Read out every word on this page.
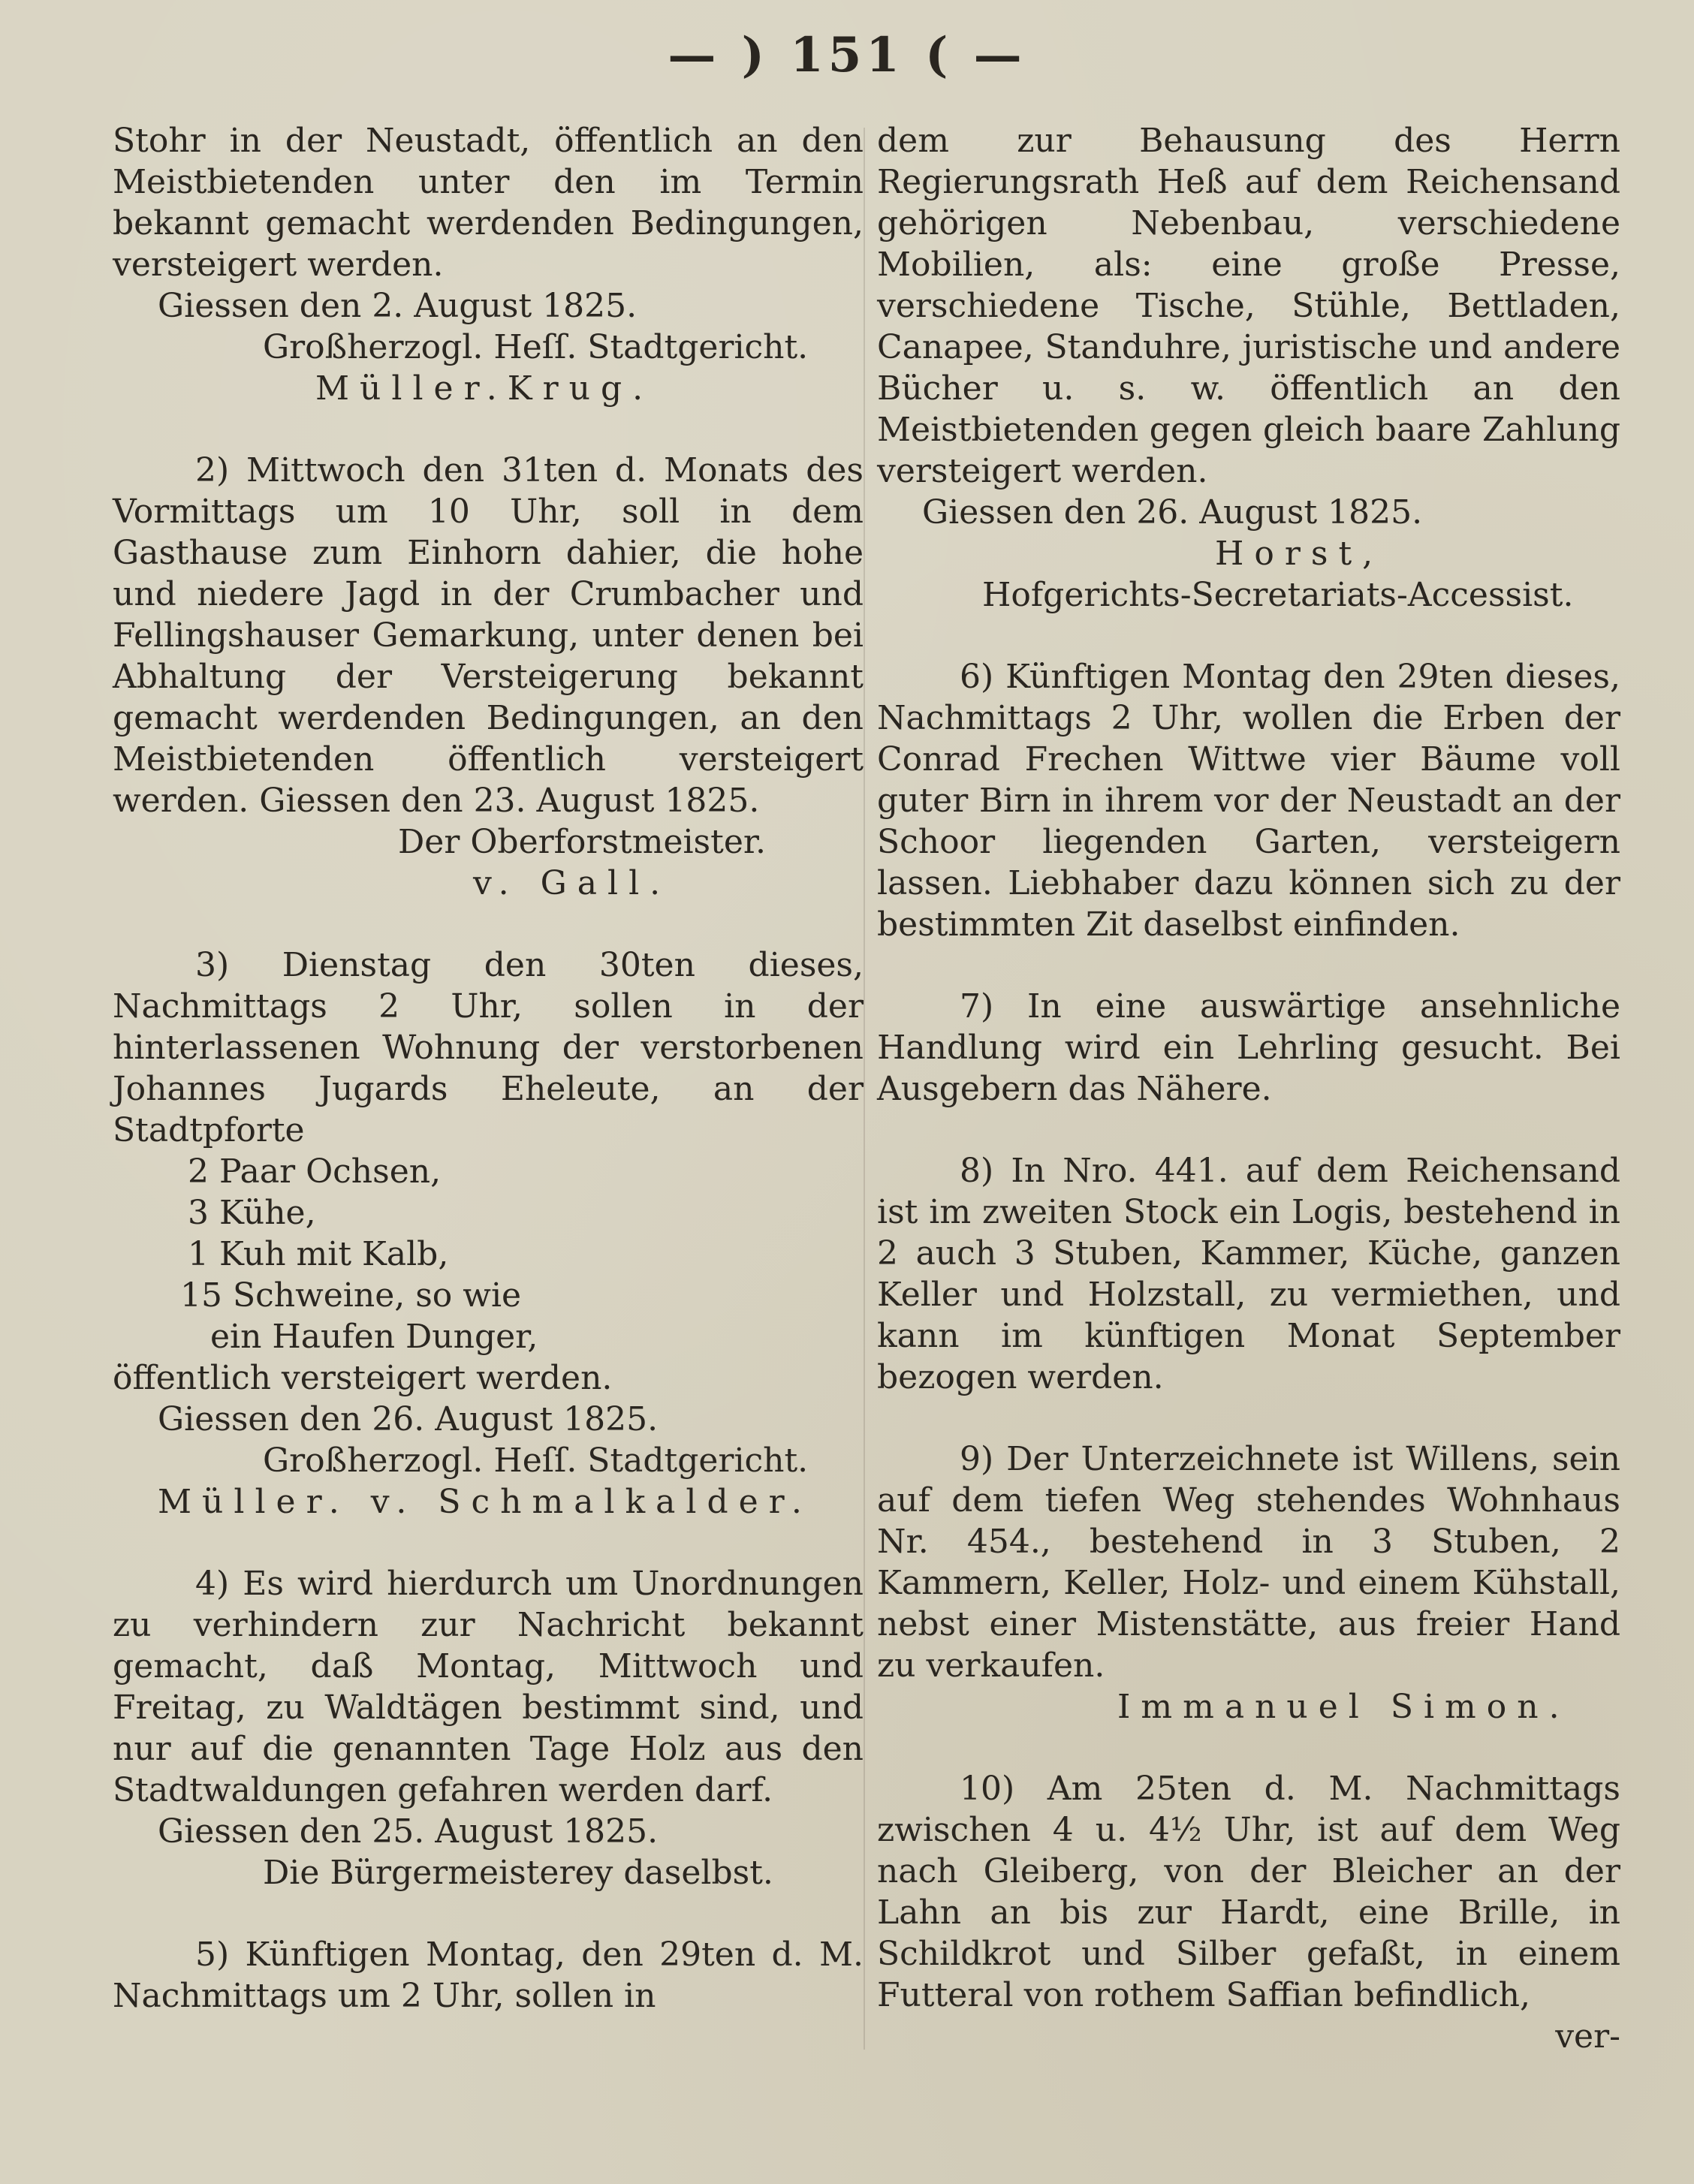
— ) 151 ( —

Stohr in der Neustadt, öffentlich an den Meistbietenden unter den im Termin bekannt gemacht werdenden Bedingungen, versteigert werden.

Giessen den 2. August 1825.
Großherzogl. Heſſ. Stadtgericht.
Müller. Krug.

2) Mittwoch den 31ten d. Monats des Vormittags um 10 Uhr, soll in dem Gasthause zum Einhorn dahier, die hohe und niedere Jagd in der Crumbacher und Fellingshauser Gemarkung, unter denen bei Abhaltung der Versteigerung bekannt gemacht werdenden Bedingungen, an den Meistbietenden öffentlich versteigert werden. Giessen den 23. August 1825.

Der Oberforstmeister.
v. Gall.

3) Dienstag den 30ten dieses, Nachmittags 2 Uhr, sollen in der hinterlassenen Wohnung der verstorbenen Johannes Jugards Eheleute, an der Stadtpforte

2 Paar Ochsen,
3 Kühe,
1 Kuh mit Kalb,
15 Schweine, so wie
ein Haufen Dunger,
öffentlich versteigert werden.
Giessen den 26. August 1825.
Großherzogl. Heſſ. Stadtgericht.
Müller. v. Schmalkalder.

4) Es wird hierdurch um Unordnungen zu verhindern zur Nachricht bekannt gemacht, daß Montag, Mittwoch und Freitag, zu Waldtägen bestimmt sind, und nur auf die genannten Tage Holz aus den Stadtwaldungen gefahren werden darf.

Giessen den 25. August 1825.
Die Bürgermeisterey daselbst.

5) Künftigen Montag, den 29ten d. M. Nachmittags um 2 Uhr, sollen in

dem zur Behausung des Herrn Regierungsrath Heß auf dem Reichensand gehörigen Nebenbau, verschiedene Mobilien, als: eine große Presse, verschiedene Tische, Stühle, Bettladen, Canapee, Standuhre, juristische und andere Bücher u. s. w. öffentlich an den Meistbietenden gegen gleich baare Zahlung versteigert werden.

Giessen den 26. August 1825.
Horst,
Hofgerichts-Secretariats-Accessist.

6) Künftigen Montag den 29ten dieses, Nachmittags 2 Uhr, wollen die Erben der Conrad Frechen Wittwe vier Bäume voll guter Birn in ihrem vor der Neustadt an der Schoor liegenden Garten, versteigern lassen. Liebhaber dazu können sich zu der bestimmten Zit daselbst einfinden.

7) In eine auswärtige ansehnliche Handlung wird ein Lehrling gesucht. Bei Ausgebern das Nähere.

8) In Nro. 441. auf dem Reichensand ist im zweiten Stock ein Logis, bestehend in 2 auch 3 Stuben, Kammer, Küche, ganzen Keller und Holzstall, zu vermiethen, und kann im künftigen Monat September bezogen werden.

9) Der Unterzeichnete ist Willens, sein auf dem tiefen Weg stehendes Wohnhaus Nr. 454., bestehend in 3 Stuben, 2 Kammern, Keller, Holz- und einem Kühstall, nebst einer Mistenstätte, aus freier Hand zu verkaufen.

Immanuel Simon.

10) Am 25ten d. M. Nachmittags zwischen 4 u. 4½ Uhr, ist auf dem Weg nach Gleiberg, von der Bleicher an der Lahn an bis zur Hardt, eine Brille, in Schildkrot und Silber gefaßt, in einem Futteral von rothem Saffian befindlich,

ver-
